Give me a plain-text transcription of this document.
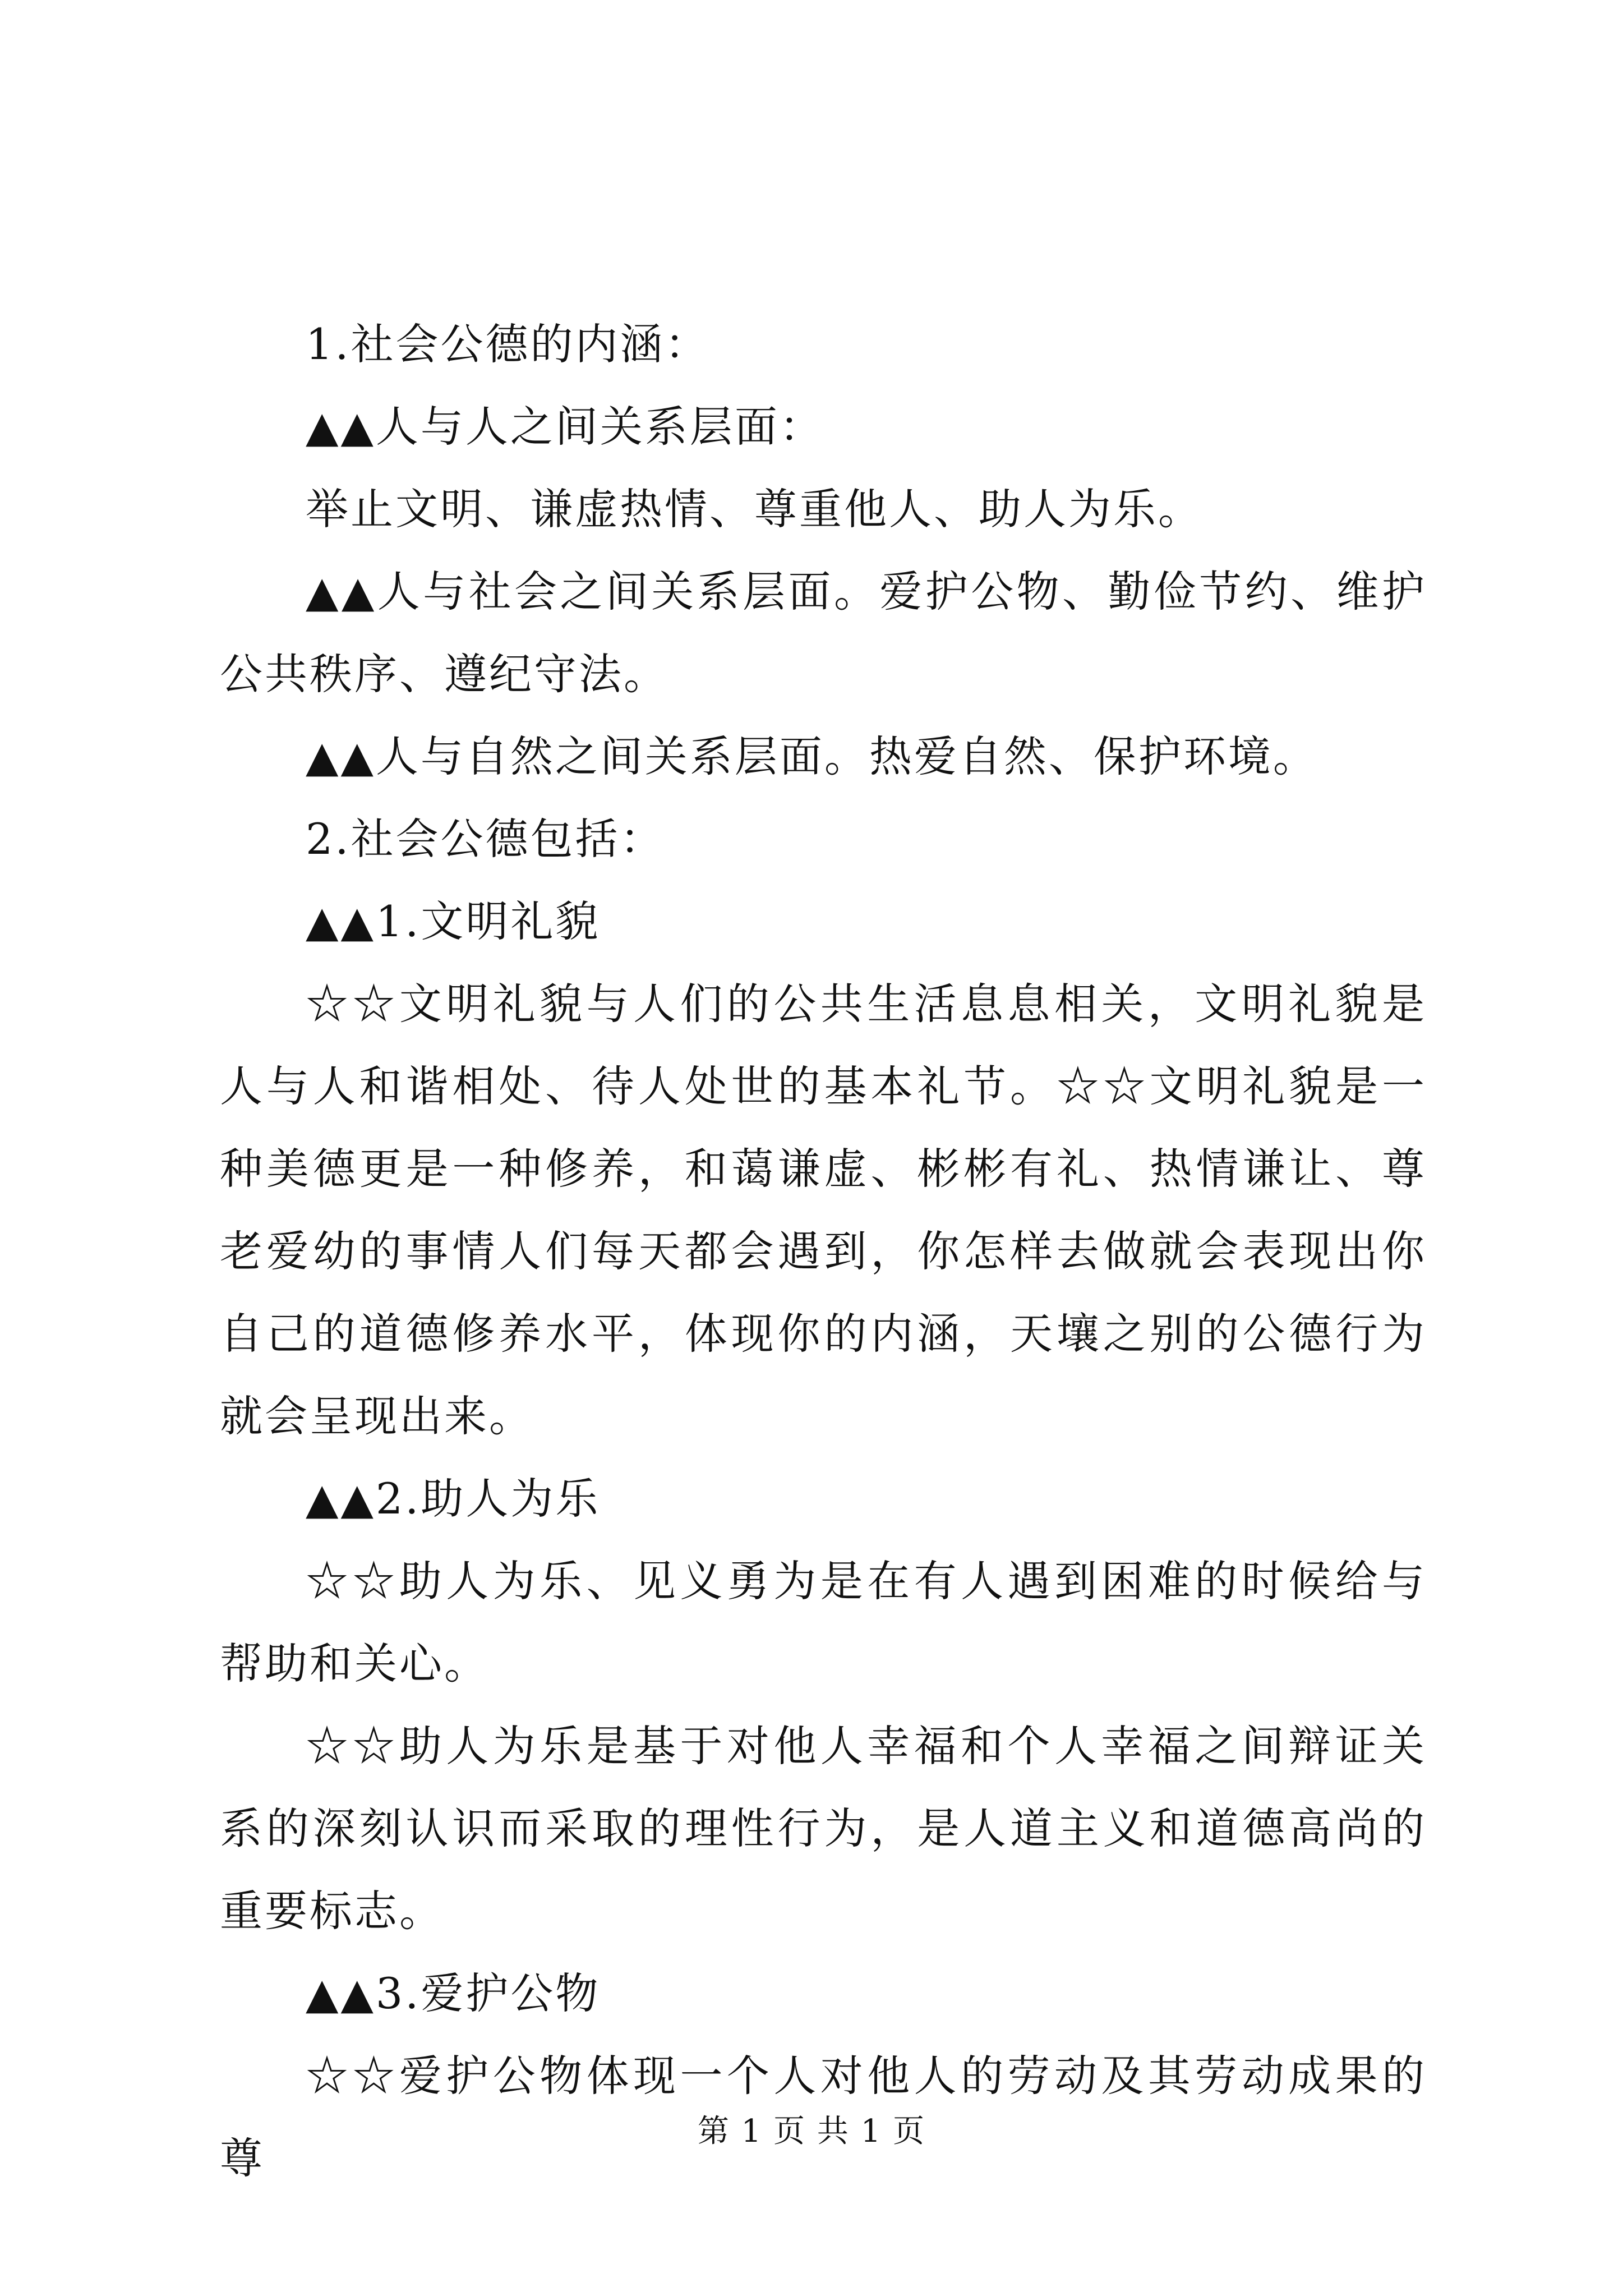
1.社会公德的内涵：

▲▲人与人之间关系层面：

举止文明、谦虚热情、尊重他人、助人为乐。

▲▲人与社会之间关系层面。爱护公物、勤俭节约、维护公共秩序、遵纪守法。

▲▲人与自然之间关系层面。热爱自然、保护环境。

2.社会公德包括：

▲▲1.文明礼貌

☆☆文明礼貌与人们的公共生活息息相关，文明礼貌是人与人和谐相处、待人处世的基本礼节。☆☆文明礼貌是一种美德更是一种修养，和蔼谦虚、彬彬有礼、热情谦让、尊老爱幼的事情人们每天都会遇到，你怎样去做就会表现出你自己的道德修养水平，体现你的内涵，天壤之别的公德行为就会呈现出来。

▲▲2.助人为乐

☆☆助人为乐、见义勇为是在有人遇到困难的时候给与帮助和关心。

☆☆助人为乐是基于对他人幸福和个人幸福之间辩证关系的深刻认识而采取的理性行为，是人道主义和道德高尚的重要标志。

▲▲3.爱护公物

☆☆爱护公物体现一个人对他人的劳动及其劳动成果的尊

第 1 页 共 1 页
